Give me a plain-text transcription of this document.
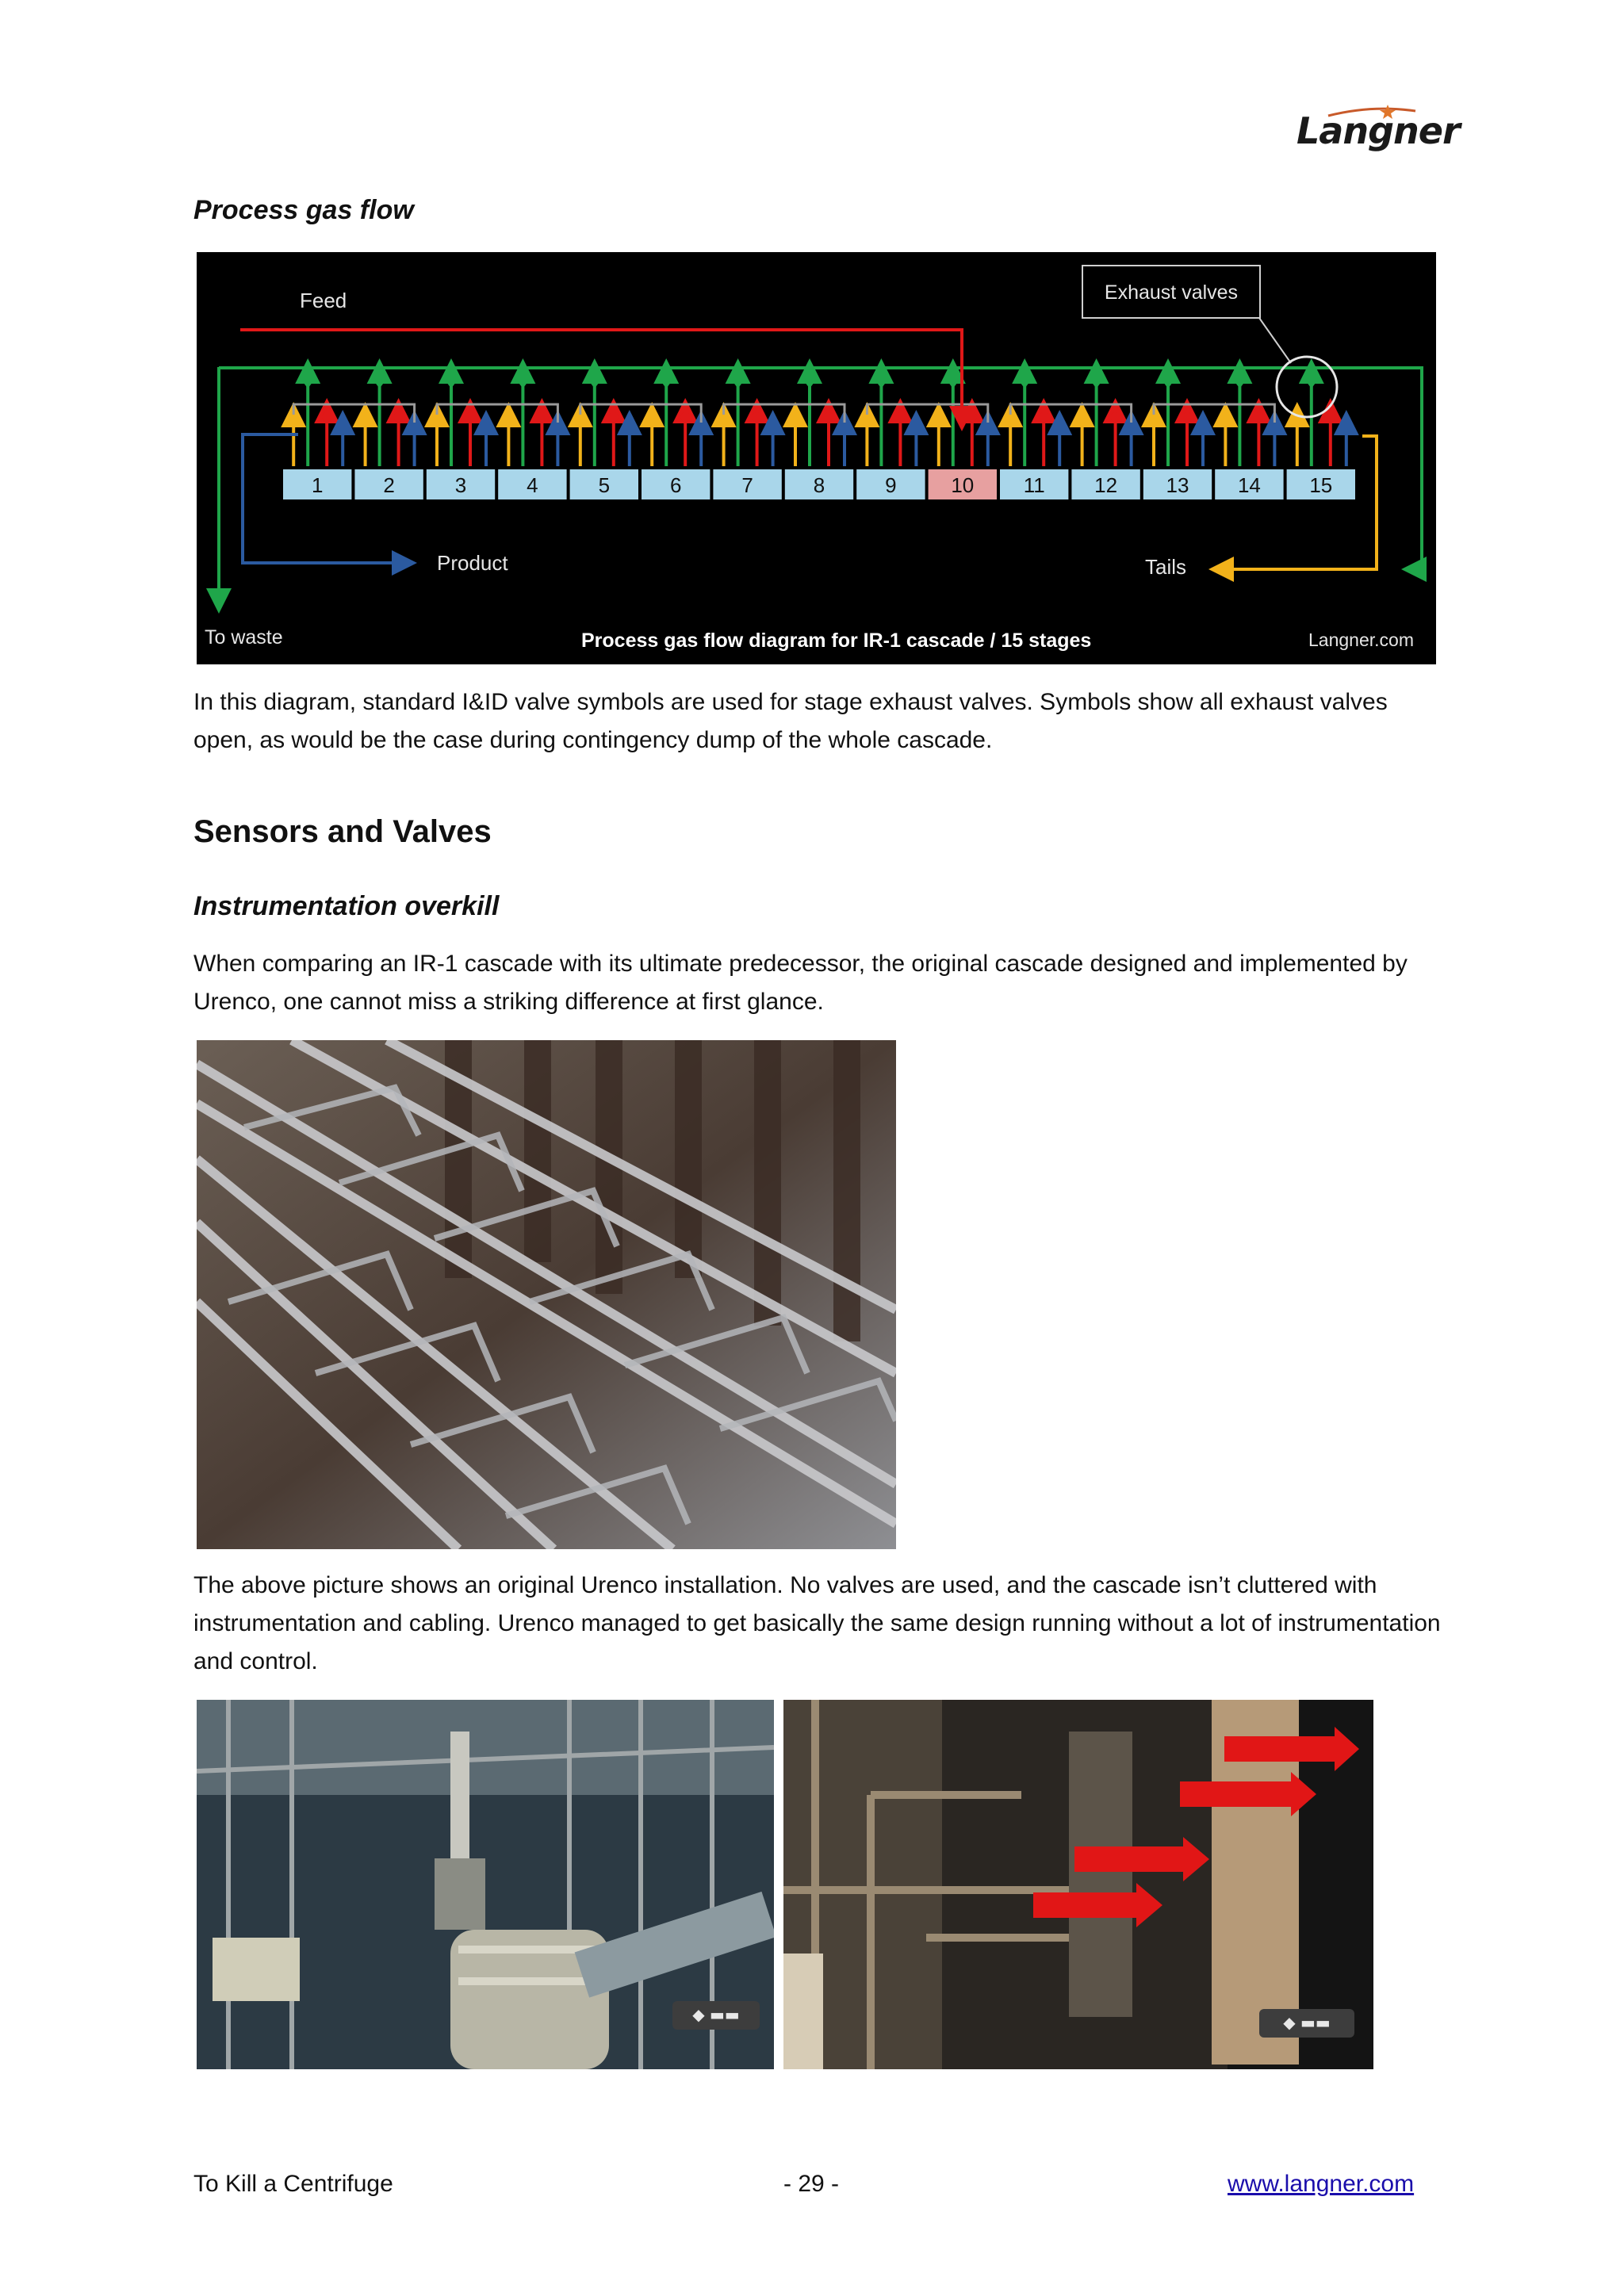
Langner
Process gas flow
1	2	3	4	5	6	7	8	9	10 11 12 13 14 15
Exhaust valves
Feed
Product	Tails
To waste	Process gas flow diagram for IR-1 cascade / 15 stages	Langner.com
In this diagram, standard I&ID valve symbols are used for stage exhaust valves. Symbols show all exhaust valves open, as would be the case during contingency dump of the whole cascade.
Sensors and Valves
Instrumentation overkill
When comparing an IR-1 cascade with its ultimate predecessor, the original cascade designed and implemented by Urenco, one cannot miss a striking difference at first glance.
The above picture shows an original Urenco installation. No valves are used, and the cascade isn’t cluttered with instrumentation and cabling. Urenco managed to get basically the same design running without a lot of instrumentation and control.
◆ ▬▬	◆ ▬▬
To Kill a Centrifuge	- 29 -	www.langner.com
